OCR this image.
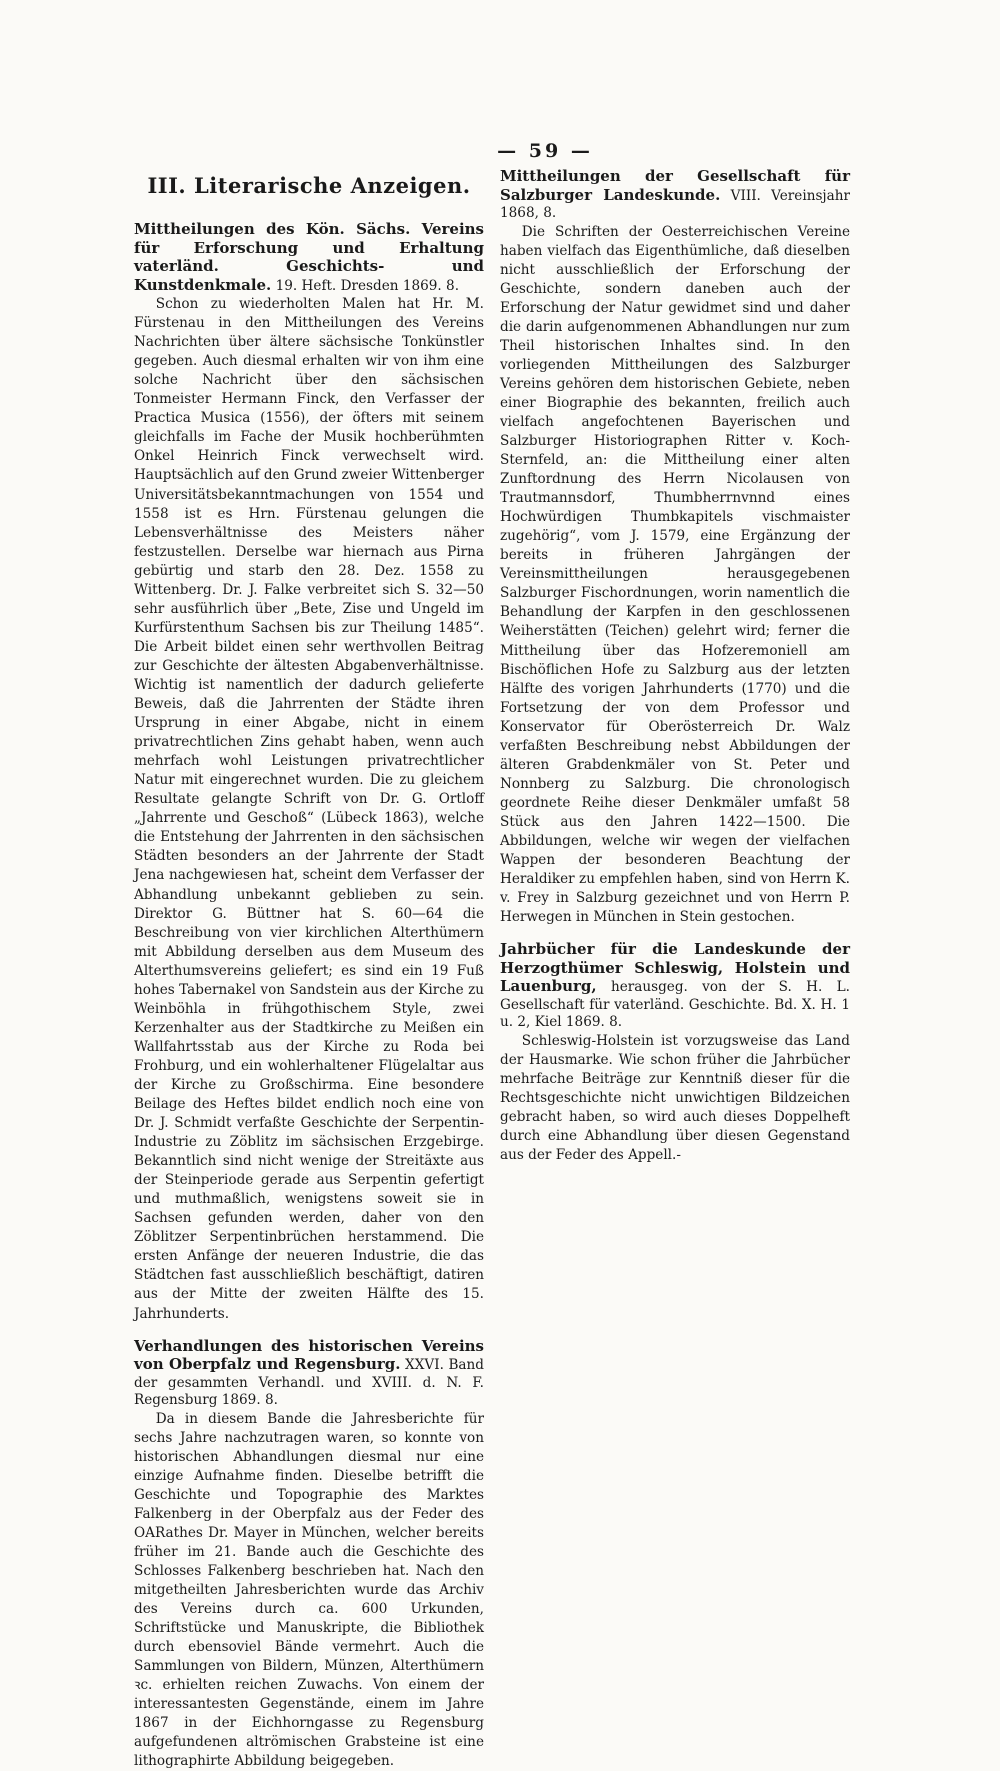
— 59 —
III. Literarische Anzeigen.

Mittheilungen des Kön. Sächs. Vereins für Erforschung und Erhaltung vaterländ. Geschichts- und Kunstdenkmale. 19. Heft. Dresden 1869. 8.

Schon zu wiederholten Malen hat Hr. M. Fürstenau in den Mittheilungen des Vereins Nachrichten über ältere sächsische Tonkünstler gegeben. Auch diesmal erhalten wir von ihm eine solche Nachricht über den sächsischen Tonmeister Hermann Finck, den Verfasser der Practica Musica (1556), der öfters mit seinem gleichfalls im Fache der Musik hochberühmten Onkel Heinrich Finck verwechselt wird. Hauptsächlich auf den Grund zweier Wittenberger Universitätsbekanntmachungen von 1554 und 1558 ist es Hrn. Fürstenau gelungen die Lebensverhältnisse des Meisters näher festzustellen. Derselbe war hiernach aus Pirna gebürtig und starb den 28. Dez. 1558 zu Wittenberg. Dr. J. Falke verbreitet sich S. 32—50 sehr ausführlich über „Bete, Zise und Ungeld im Kurfürstenthum Sachsen bis zur Theilung 1485“. Die Arbeit bildet einen sehr werthvollen Beitrag zur Geschichte der ältesten Abgabenverhältnisse. Wichtig ist namentlich der dadurch gelieferte Beweis, daß die Jahrrenten der Städte ihren Ursprung in einer Abgabe, nicht in einem privatrechtlichen Zins gehabt haben, wenn auch mehrfach wohl Leistungen privatrechtlicher Natur mit eingerechnet wurden. Die zu gleichem Resultate gelangte Schrift von Dr. G. Ortloff „Jahrrente und Geschoß“ (Lübeck 1863), welche die Entstehung der Jahrrenten in den sächsischen Städten besonders an der Jahrrente der Stadt Jena nachgewiesen hat, scheint dem Verfasser der Abhandlung unbekannt geblieben zu sein. Direktor G. Büttner hat S. 60—64 die Beschreibung von vier kirchlichen Alterthümern mit Abbildung derselben aus dem Museum des Alterthumsvereins geliefert; es sind ein 19 Fuß hohes Tabernakel von Sandstein aus der Kirche zu Weinböhla in frühgothischem Style, zwei Kerzenhalter aus der Stadtkirche zu Meißen ein Wallfahrtsstab aus der Kirche zu Roda bei Frohburg, und ein wohlerhaltener Flügelaltar aus der Kirche zu Großschirma. Eine besondere Beilage des Heftes bildet endlich noch eine von Dr. J. Schmidt verfaßte Geschichte der Serpentin-Industrie zu Zöblitz im sächsischen Erzgebirge. Bekanntlich sind nicht wenige der Streitäxte aus der Steinperiode gerade aus Serpentin gefertigt und muthmaßlich, wenigstens soweit sie in Sachsen gefunden werden, daher von den Zöblitzer Serpentinbrüchen herstammend. Die ersten Anfänge der neueren Industrie, die das Städtchen fast ausschließlich beschäftigt, datiren aus der Mitte der zweiten Hälfte des 15. Jahrhunderts.

Verhandlungen des historischen Vereins von Oberpfalz und Regensburg. XXVI. Band der gesammten Verhandl. und XVIII. d. N. F. Regensburg 1869. 8.

Da in diesem Bande die Jahresberichte für sechs Jahre nachzutragen waren, so konnte von historischen Abhandlungen diesmal nur eine einzige Aufnahme finden. Dieselbe betrifft die Geschichte und Topographie des Marktes Falkenberg in der Oberpfalz aus der Feder des OARathes Dr. Mayer in München, welcher bereits früher im 21. Bande auch die Geschichte des Schlosses Falkenberg beschrieben hat. Nach den mitgetheilten Jahresberichten wurde das Archiv des Vereins durch ca. 600 Urkunden, Schriftstücke und Manuskripte, die Bibliothek durch ebensoviel Bände vermehrt. Auch die Sammlungen von Bildern, Münzen, Alterthümern ꝛc. erhielten reichen Zuwachs. Von einem der interessantesten Gegenstände, einem im Jahre 1867 in der Eichhorngasse zu Regensburg aufgefundenen altrömischen Grabsteine ist eine lithographirte Abbildung beigegeben.

Mittheilungen der Gesellschaft für Salzburger Landeskunde. VIII. Vereinsjahr 1868, 8.

Die Schriften der Oesterreichischen Vereine haben vielfach das Eigenthümliche, daß dieselben nicht ausschließlich der Erforschung der Geschichte, sondern daneben auch der Erforschung der Natur gewidmet sind und daher die darin aufgenommenen Abhandlungen nur zum Theil historischen Inhaltes sind. In den vorliegenden Mittheilungen des Salzburger Vereins gehören dem historischen Gebiete, neben einer Biographie des bekannten, freilich auch vielfach angefochtenen Bayerischen und Salzburger Historiographen Ritter v. Koch-Sternfeld, an: die Mittheilung einer alten Zunftordnung des Herrn Nicolausen von Trautmannsdorf, Thumbherrnvnnd eines Hochwürdigen Thumbkapitels vischmaister zugehörig“, vom J. 1579, eine Ergänzung der bereits in früheren Jahrgängen der Vereinsmittheilungen herausgegebenen Salzburger Fischordnungen, worin namentlich die Behandlung der Karpfen in den geschlossenen Weiherstätten (Teichen) gelehrt wird; ferner die Mittheilung über das Hofzeremoniell am Bischöflichen Hofe zu Salzburg aus der letzten Hälfte des vorigen Jahrhunderts (1770) und die Fortsetzung der von dem Professor und Konservator für Oberösterreich Dr. Walz verfaßten Beschreibung nebst Abbildungen der älteren Grabdenkmäler von St. Peter und Nonnberg zu Salzburg. Die chronologisch geordnete Reihe dieser Denkmäler umfaßt 58 Stück aus den Jahren 1422—1500. Die Abbildungen, welche wir wegen der vielfachen Wappen der besonderen Beachtung der Heraldiker zu empfehlen haben, sind von Herrn K. v. Frey in Salzburg gezeichnet und von Herrn P. Herwegen in München in Stein gestochen.

Jahrbücher für die Landeskunde der Herzogthümer Schleswig, Holstein und Lauenburg, herausgeg. von der S. H. L. Gesellschaft für vaterländ. Geschichte. Bd. X. H. 1 u. 2, Kiel 1869. 8.

Schleswig-Holstein ist vorzugsweise das Land der Hausmarke. Wie schon früher die Jahrbücher mehrfache Beiträge zur Kenntniß dieser für die Rechtsgeschichte nicht unwichtigen Bildzeichen gebracht haben, so wird auch dieses Doppelheft durch eine Abhandlung über diesen Gegenstand aus der Feder des Appell.-
